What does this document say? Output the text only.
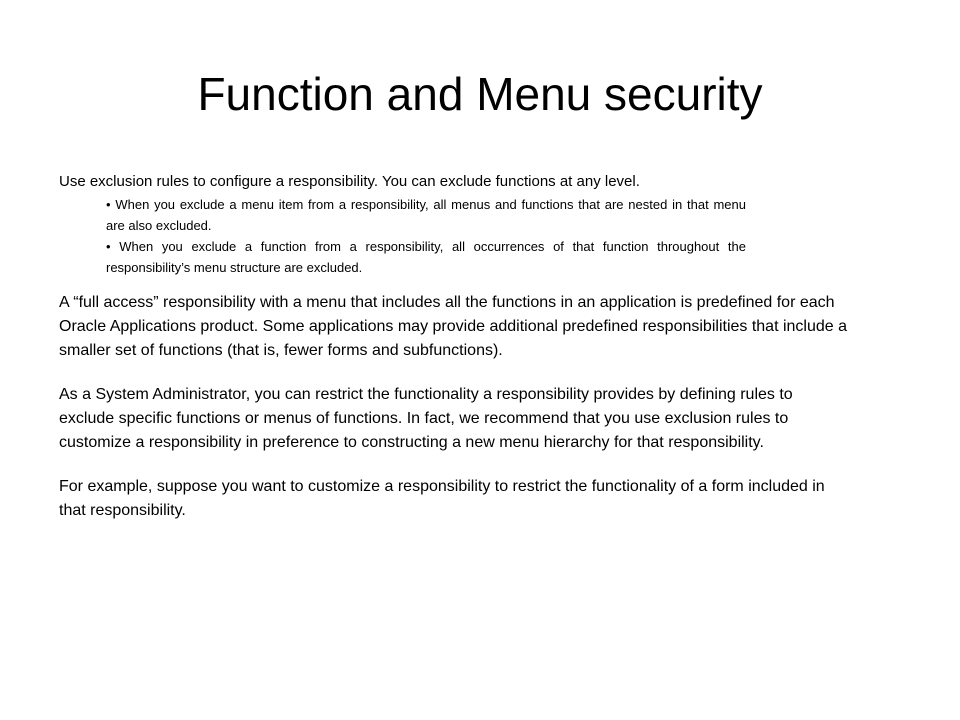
Function and Menu security

Use exclusion rules to configure a responsibility. You can exclude functions at any level.

• When you exclude a menu item from a responsibility, all menus and functions that are nested in that menu are also excluded.
• When you exclude a function from a responsibility, all occurrences of that function throughout the responsibility’s menu structure are excluded.

A “full access” responsibility with a menu that includes all the functions in an application is predefined for each Oracle Applications product. Some applications may provide additional predefined responsibilities that include a smaller set of functions (that is, fewer forms and subfunctions).

As a System Administrator, you can restrict the functionality a responsibility provides by defining rules to exclude specific functions or menus of functions. In fact, we recommend that you use exclusion rules to customize a responsibility in preference to constructing a new menu hierarchy for that responsibility.

For example, suppose you want to customize a responsibility to restrict the functionality of a form included in that responsibility.
